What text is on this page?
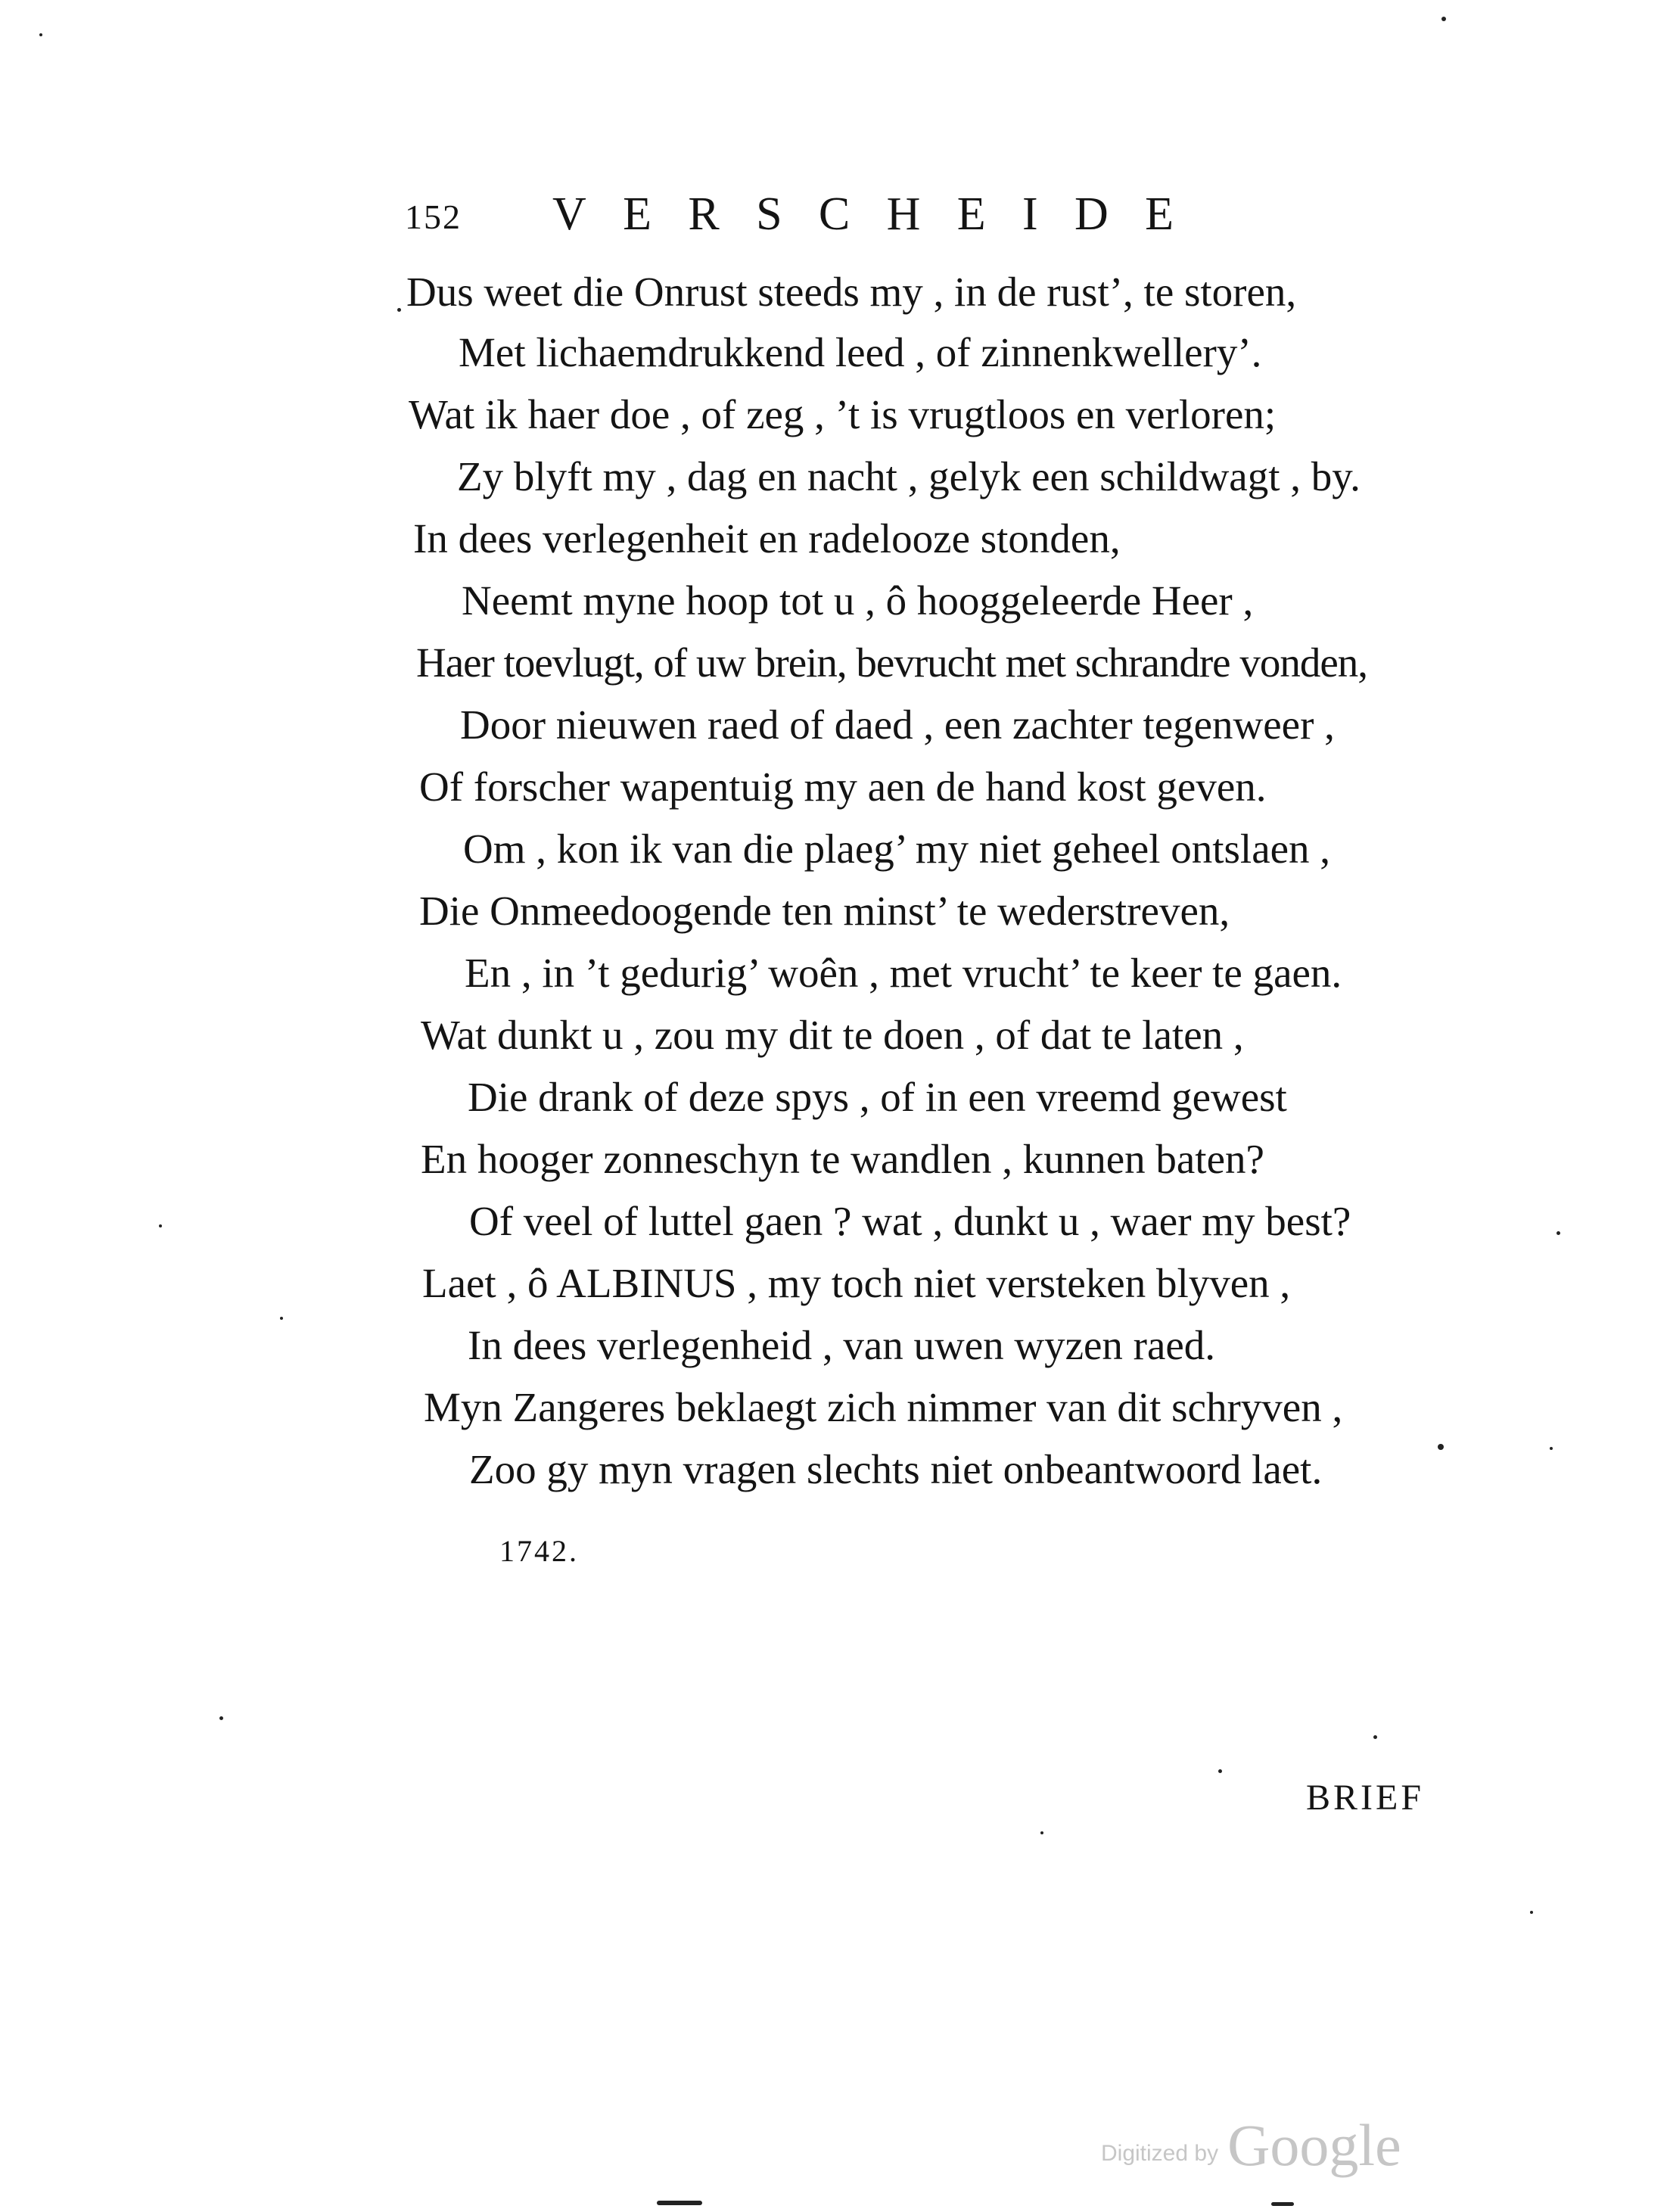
152 VERSCHEIDE
Dus weet die Onrust steeds my , in de rust’, te storen,
Met lichaemdrukkend leed , of zinnenkwellery’.
Wat ik haer doe , of zeg , ’t is vrugtloos en verloren;
Zy blyft my , dag en nacht , gelyk een schildwagt , by.
In dees verlegenheit en radelooze stonden,
Neemt myne hoop tot u , ô hooggeleerde Heer ,
Haer toevlugt, of uw brein, bevrucht met schrandre vonden,
Door nieuwen raed of daed , een zachter tegenweer ,
Of forscher wapentuig my aen de hand kost geven.
Om , kon ik van die plaeg’ my niet geheel ontslaen ,
Die Onmeedoogende ten minst’ te wederstreven,
En , in ’t gedurig’ woên , met vrucht’ te keer te gaen.
Wat dunkt u , zou my dit te doen , of dat te laten ,
Die drank of deze spys , of in een vreemd gewest
En hooger zonneschyn te wandlen , kunnen baten?
Of veel of luttel gaen ? wat , dunkt u , waer my best?
Laet , ô ALBINUS , my toch niet versteken blyven ,
In dees verlegenheid , van uwen wyzen raed.
Myn Zangeres beklaegt zich nimmer van dit schryven ,
Zoo gy myn vragen slechts niet onbeantwoord laet.
1742.
BRIEF
Digitized by Google
